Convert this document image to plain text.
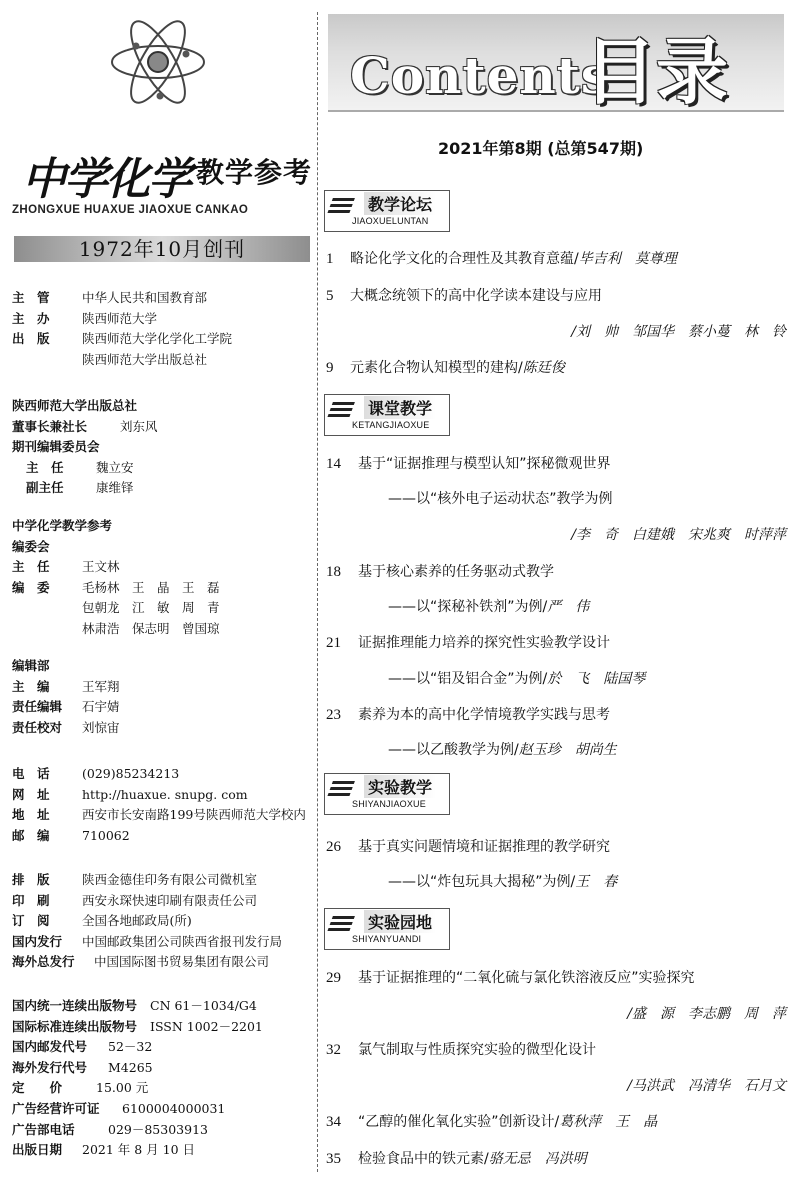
中学化学 教学参考
ZHONGXUE HUAXUE JIAOXUE CANKAO
1972年10月创刊
主　管	中华人民共和国教育部
主　办	陕西师范大学
出　版	陕西师范大学化学化工学院
陕西师范大学出版总社
陕西师范大学出版总社
董事长兼社长	刘东风
期刊编辑委员会
主　任	魏立安
副主任	康维铎
中学化学教学参考
编委会
主　任	王文林
编　委	毛杨林　王　晶　王　磊
包朝龙　江　敏　周　青
林肃浩　保志明　曾国琼
编辑部
主　编	王军翔
责任编辑 石宇婧
责任校对 刘惊宙
电　话	(029)85234213
网　址	http://huaxue. snupg. com
地　址	西安市长安南路199号陕西师范大学校内
邮　编	710062
排　版	陕西金德佳印务有限公司微机室
印　刷	西安永琛快速印刷有限责任公司
订　阅	全国各地邮政局(所)
国内发行 中国邮政集团公司陕西省报刊发行局
海外总发行 中国国际图书贸易集团有限公司
国内统一连续出版物号 CN 61－1034/G4
国际标准连续出版物号 ISSN 1002－2201
国内邮发代号 52－32
海外发行代号 M4265
定　　价	15.00 元
广告经营许可证 6100004000031
广告部电话	029－85303913
出版日期 2021 年 8 月 10 日
Contents
目录
2021年第8期 (总第547期)
教学论坛
JIAOXUELUNTAN
1 略论化学文化的合理性及其教育意蕴/毕吉利　莫尊理
5 大概念统领下的高中化学读本建设与应用
/刘　帅　邹国华　蔡小蔓　林　铃
9 元素化合物认知模型的建构/陈廷俊
课堂教学
KETANGJIAOXUE
14 基于“证据推理与模型认知”探秘微观世界
——以“核外电子运动状态”教学为例
/李　奇　白建娥　宋兆爽　时萍萍
18 基于核心素养的任务驱动式教学
——以“探秘补铁剂”为例/严　伟
21 证据推理能力培养的探究性实验教学设计
——以“铝及铝合金”为例/於　飞　陆国琴
23 素养为本的高中化学情境教学实践与思考
——以乙酸教学为例/赵玉珍　胡尚生
实验教学
SHIYANJIAOXUE
26 基于真实问题情境和证据推理的教学研究
——以“炸包玩具大揭秘”为例/王　春
实验园地
SHIYANYUANDI
29 基于证据推理的“二氧化硫与氯化铁溶液反应”实验探究
/盛　源　李志鹏　周　萍
32 氯气制取与性质探究实验的微型化设计
/马洪武　冯清华　石月文
34 “乙醇的催化氧化实验”创新设计/葛秋萍　王　晶
35 检验食品中的铁元素/骆无忌　冯洪明
